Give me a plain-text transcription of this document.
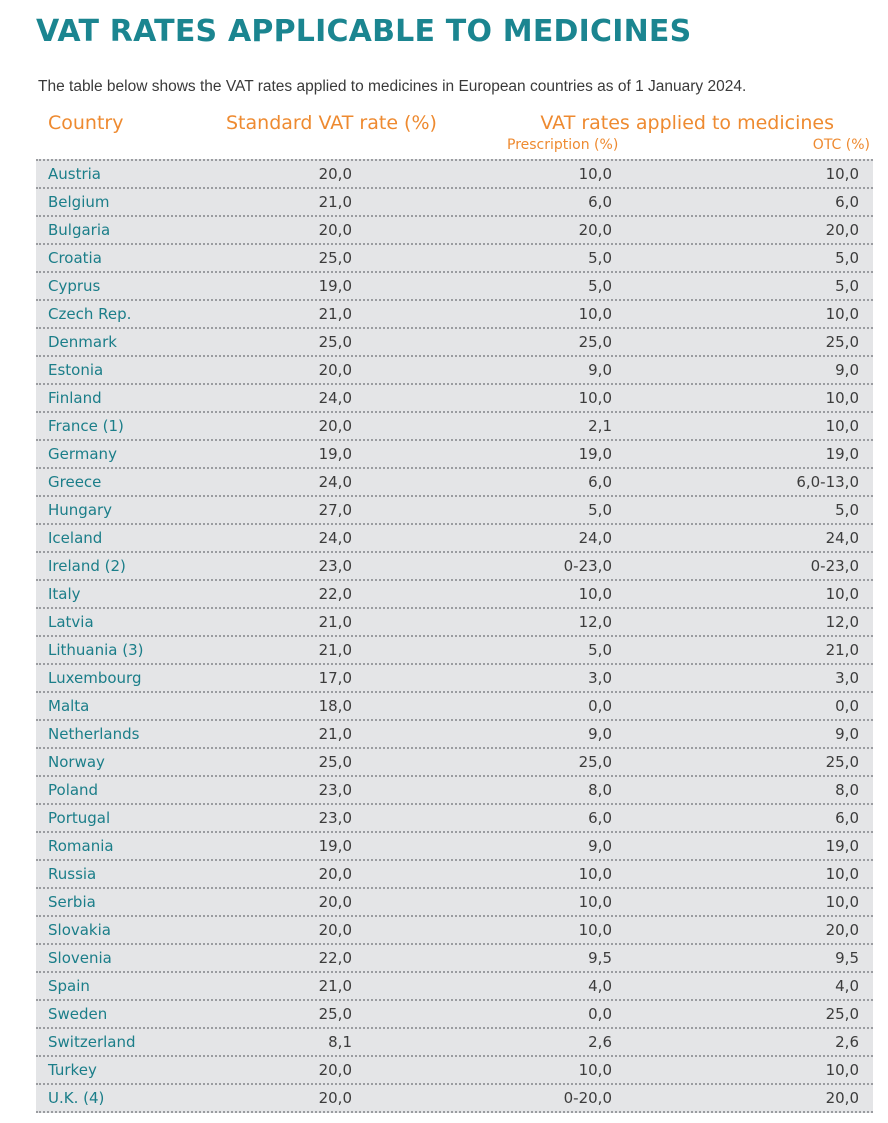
VAT RATES APPLICABLE TO MEDICINES
The table below shows the VAT rates applied to medicines in European countries as of 1 January 2024.
Country	Standard VAT rate (%)	VAT rates applied to medicines
Prescription (%)	OTC (%)
Austria	20,0	10,0	10,0
Belgium	21,0	6,0	6,0
Bulgaria	20,0	20,0	20,0
Croatia	25,0	5,0	5,0
Cyprus	19,0	5,0	5,0
Czech Rep.	21,0	10,0	10,0
Denmark	25,0	25,0	25,0
Estonia	20,0	9,0	9,0
Finland	24,0	10,0	10,0
France (1)	20,0	2,1	10,0
Germany	19,0	19,0	19,0
Greece	24,0	6,0	6,0-13,0
Hungary	27,0	5,0	5,0
Iceland	24,0	24,0	24,0
Ireland (2)	23,0	0-23,0	0-23,0
Italy	22,0	10,0	10,0
Latvia	21,0	12,0	12,0
Lithuania (3)	21,0	5,0	21,0
Luxembourg	17,0	3,0	3,0
Malta	18,0	0,0	0,0
Netherlands	21,0	9,0	9,0
Norway	25,0	25,0	25,0
Poland	23,0	8,0	8,0
Portugal	23,0	6,0	6,0
Romania	19,0	9,0	19,0
Russia	20,0	10,0	10,0
Serbia	20,0	10,0	10,0
Slovakia	20,0	10,0	20,0
Slovenia	22,0	9,5	9,5
Spain	21,0	4,0	4,0
Sweden	25,0	0,0	25,0
Switzerland	8,1	2,6	2,6
Turkey	20,0	10,0	10,0
U.K. (4)	20,0	0-20,0	20,0
